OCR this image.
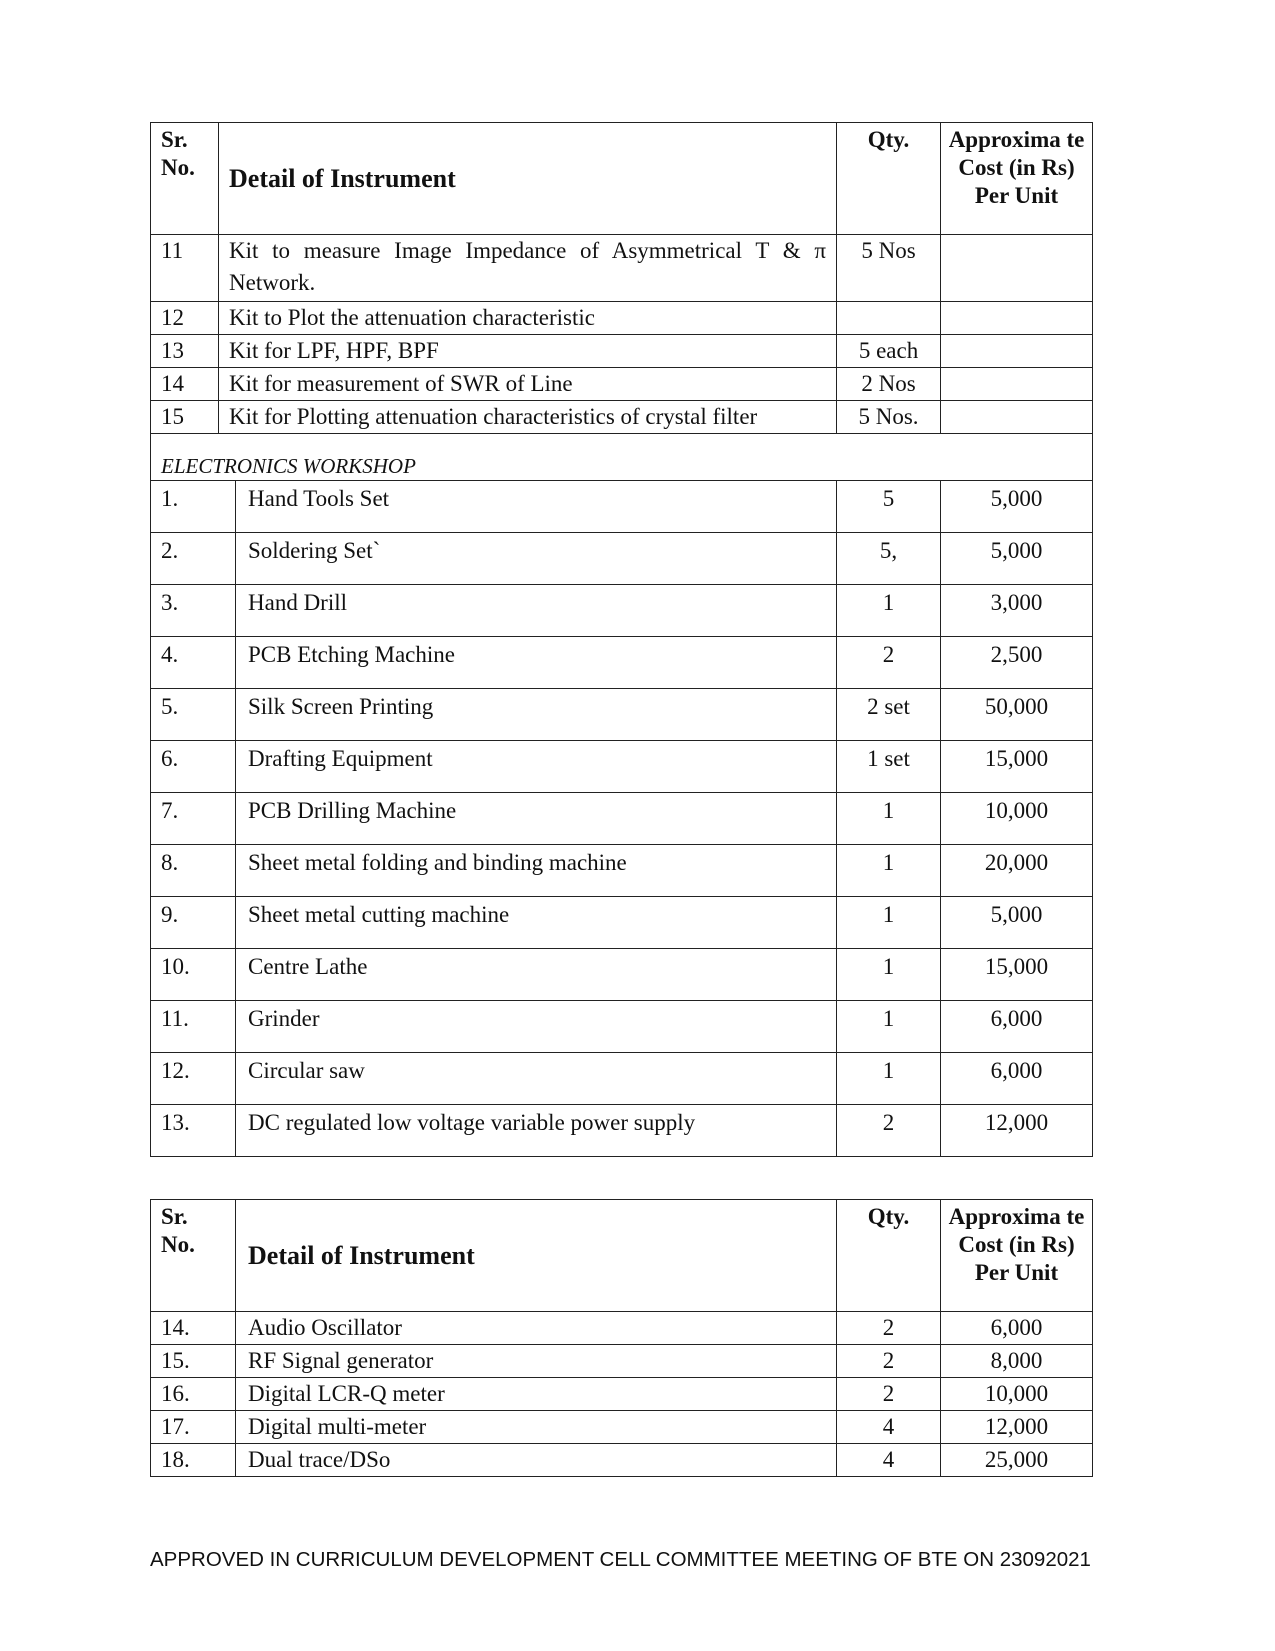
Sr. No.	Detail of Instrument		Qty.	Approxima te Cost (in Rs) Per Unit
11	Kit to measure Image Impedance of Asymmetrical T & π Network.		5 Nos	
12	Kit to Plot the attenuation characteristic			
13	Kit for LPF, HPF, BPF		5 each	
14	Kit for measurement of SWR of Line		2 Nos	
15	Kit for Plotting attenuation characteristics of crystal filter		5 Nos.	
ELECTRONICS WORKSHOP				
1.		Hand Tools Set	5	5,000
2.		Soldering Set`	5,	5,000
3.		Hand Drill	1	3,000
4.		PCB Etching Machine	2	2,500
5.		Silk Screen Printing	2 set	50,000
6.		Drafting Equipment	1 set	15,000
7.		PCB Drilling Machine	1	10,000
8.		Sheet metal folding and binding machine	1	20,000
9.		Sheet metal cutting machine	1	5,000
10.		Centre Lathe	1	15,000
11.		Grinder	1	6,000
12.		Circular saw	1	6,000
13.		DC regulated low voltage variable power supply	2	12,000
Sr. No.	Detail of Instrument	Qty.	Approxima te Cost (in Rs) Per Unit
14.	Audio Oscillator	2	6,000
15.	RF Signal generator	2	8,000
16.	Digital LCR-Q meter	2	10,000
17.	Digital multi-meter	4	12,000
18.	Dual trace/DSo	4	25,000
APPROVED IN CURRICULUM DEVELOPMENT CELL COMMITTEE MEETING OF BTE ON 23092021
